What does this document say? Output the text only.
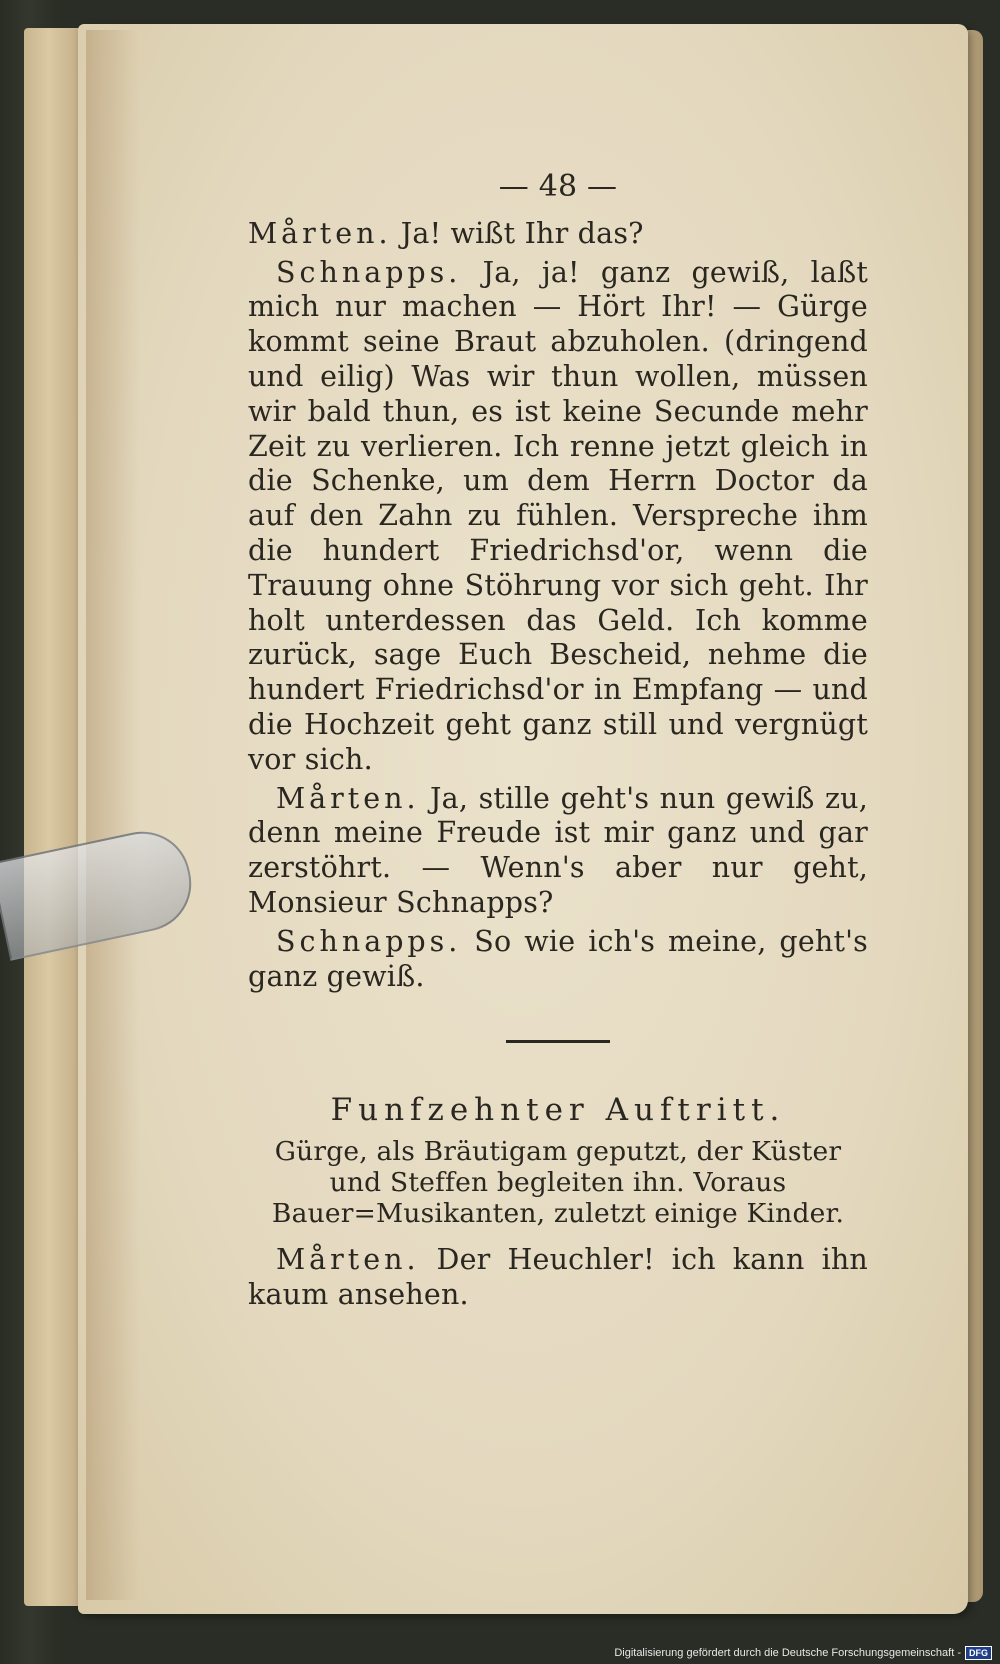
— 48 —

Mårten. Ja! wißt Ihr das?

Schnapps. Ja, ja! ganz gewiß, laßt mich nur machen — Hört Ihr! — Gürge kommt seine Braut abzuholen. (dringend und eilig) Was wir thun wollen, müssen wir bald thun, es ist keine Secunde mehr Zeit zu verlieren. Ich renne jetzt gleich in die Schenke, um dem Herrn Doctor da auf den Zahn zu fühlen. Verspreche ihm die hundert Friedrichsd'or, wenn die Trauung ohne Stöhrung vor sich geht. Ihr holt unterdessen das Geld. Ich komme zurück, sage Euch Bescheid, nehme die hundert Friedrichsd'or in Empfang — und die Hochzeit geht ganz still und vergnügt vor sich.

Mårten. Ja, stille geht's nun gewiß zu, denn meine Freude ist mir ganz und gar zerstöhrt. — Wenn's aber nur geht, Monsieur Schnapps?

Schnapps. So wie ich's meine, geht's ganz gewiß.

Funfzehnter Auftritt.

Gürge, als Bräutigam geputzt, der Küster und Steffen begleiten ihn. Voraus Bauer=Musikanten, zuletzt einige Kinder.

Mårten. Der Heuchler! ich kann ihn kaum ansehen.

Digitalisierung gefördert durch die Deutsche Forschungsgemeinschaft - DFG
